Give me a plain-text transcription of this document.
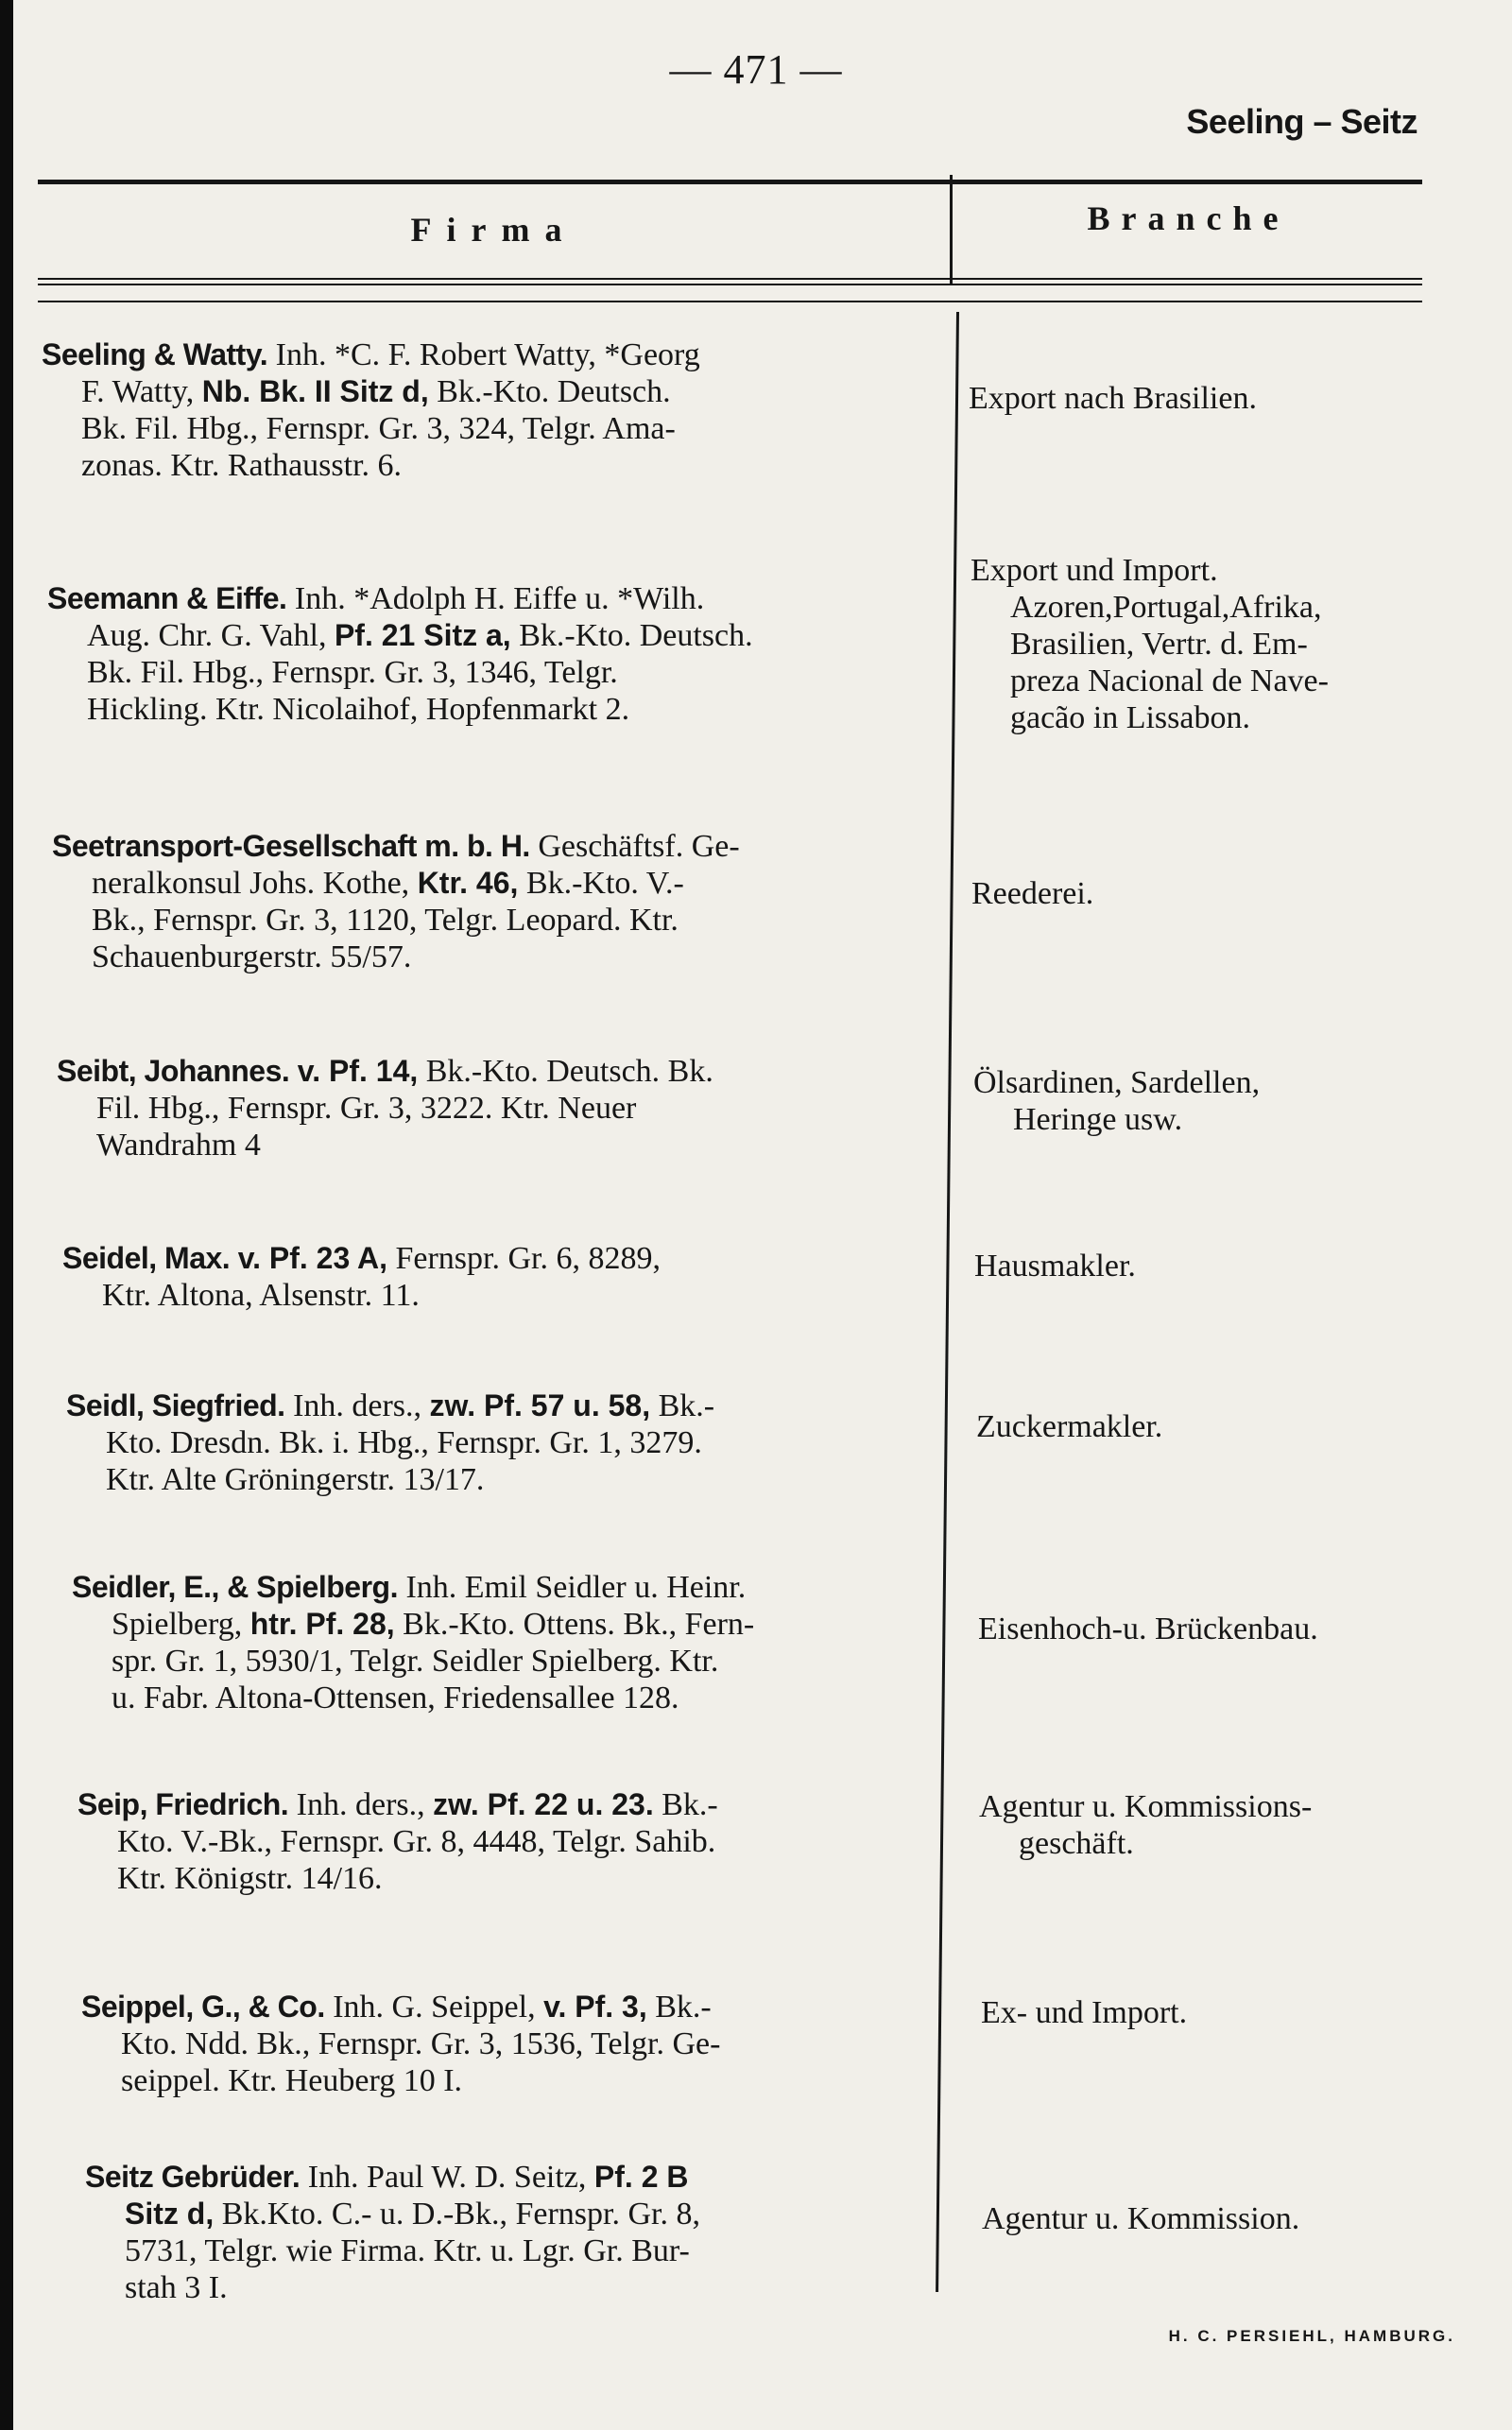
— 471 —
Seeling – Seitz
Firma	Branche
Seeling & Watty. Inh. *C. F. Robert Watty, *Georg
F. Watty, Nb. Bk. II Sitz d, Bk.-Kto. Deutsch.
Bk. Fil. Hbg., Fernspr. Gr. 3, 324, Telgr. Ama-
zonas. Ktr. Rathausstr. 6.
Export nach Brasilien.
Seemann & Eiffe. Inh. *Adolph H. Eiffe u. *Wilh.
Aug. Chr. G. Vahl, Pf. 21 Sitz a, Bk.-Kto. Deutsch.
Bk. Fil. Hbg., Fernspr. Gr. 3, 1346, Telgr.
Hickling. Ktr. Nicolaihof, Hopfenmarkt 2.
Export und Import.
Azoren,Portugal,Afrika,
Brasilien, Vertr. d. Em-
preza Nacional de Nave-
gacão in Lissabon.
Seetransport-Gesellschaft m. b. H. Geschäftsf. Ge-
neralkonsul Johs. Kothe, Ktr. 46, Bk.-Kto. V.-
Bk., Fernspr. Gr. 3, 1120, Telgr. Leopard. Ktr.
Schauenburgerstr. 55/57.
Reederei.
Seibt, Johannes. v. Pf. 14, Bk.-Kto. Deutsch. Bk.
Fil. Hbg., Fernspr. Gr. 3, 3222. Ktr. Neuer
Wandrahm 4
Ölsardinen, Sardellen,
Heringe usw.
Seidel, Max. v. Pf. 23 A, Fernspr. Gr. 6, 8289,
Ktr. Altona, Alsenstr. 11.
Hausmakler.
Seidl, Siegfried. Inh. ders., zw. Pf. 57 u. 58, Bk.-
Kto. Dresdn. Bk. i. Hbg., Fernspr. Gr. 1, 3279.
Ktr. Alte Gröningerstr. 13/17.
Zuckermakler.
Seidler, E., & Spielberg. Inh. Emil Seidler u. Heinr.
Spielberg, htr. Pf. 28, Bk.-Kto. Ottens. Bk., Fern-
spr. Gr. 1, 5930/1, Telgr. Seidler Spielberg. Ktr.
u. Fabr. Altona-Ottensen, Friedensallee 128.
Eisenhoch-u. Brückenbau.
Seip, Friedrich. Inh. ders., zw. Pf. 22 u. 23. Bk.-
Kto. V.-Bk., Fernspr. Gr. 8, 4448, Telgr. Sahib.
Ktr. Königstr. 14/16.
Agentur u. Kommissions-
geschäft.
Seippel, G., & Co. Inh. G. Seippel, v. Pf. 3, Bk.-
Kto. Ndd. Bk., Fernspr. Gr. 3, 1536, Telgr. Ge-
seippel. Ktr. Heuberg 10 I.
Ex- und Import.
Seitz Gebrüder. Inh. Paul W. D. Seitz, Pf. 2 B
Sitz d, Bk.Kto. C.- u. D.-Bk., Fernspr. Gr. 8,
5731, Telgr. wie Firma. Ktr. u. Lgr. Gr. Bur-
stah 3 I.
Agentur u. Kommission.
H. C. PERSIEHL, HAMBURG.
